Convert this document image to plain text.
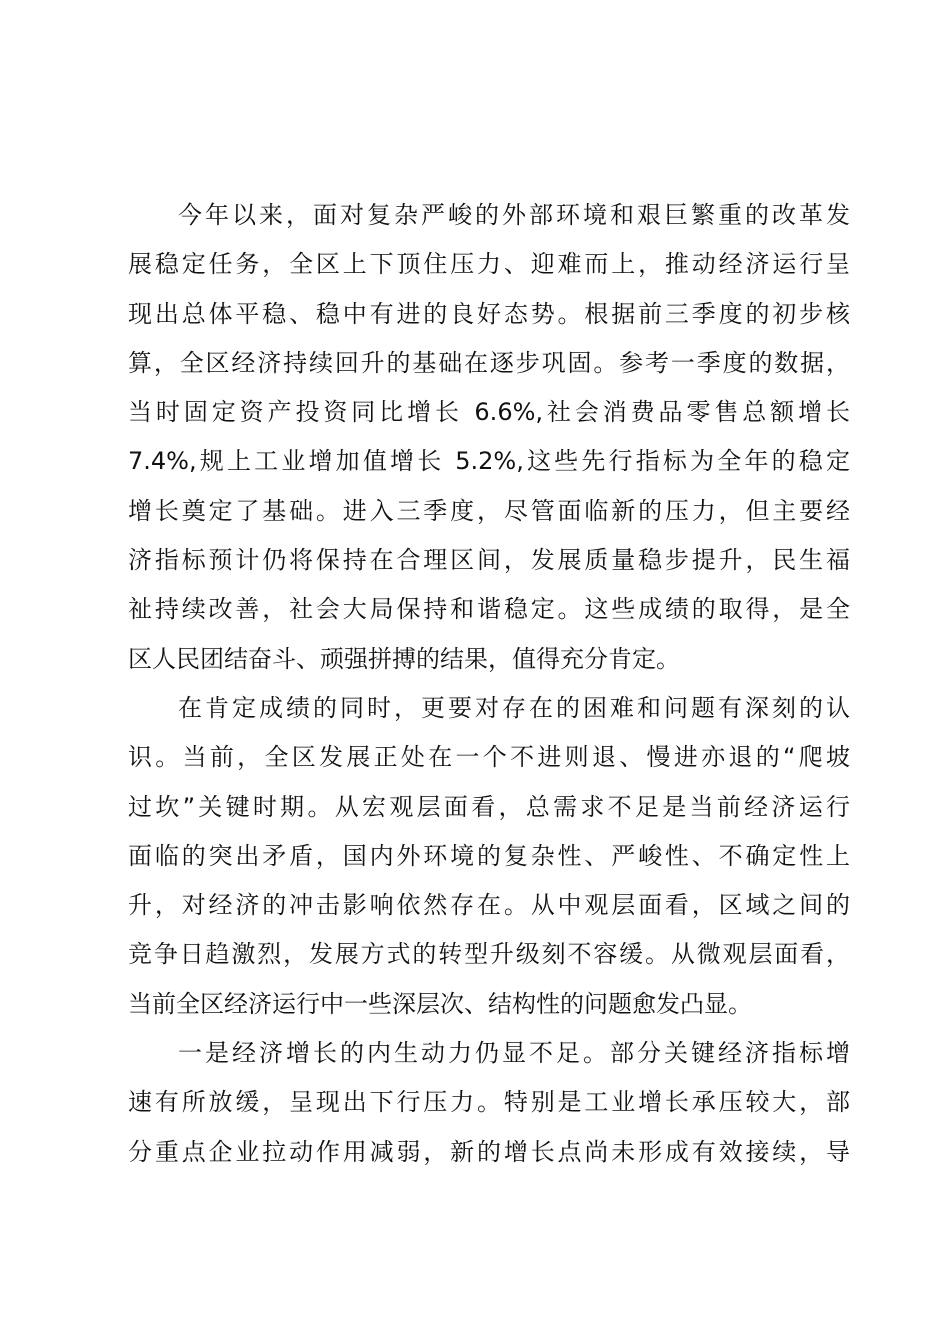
今年以来，面对复杂严峻的外部环境和艰巨繁重的改革发
展稳定任务，全区上下顶住压力、迎难而上，推动经济运行呈
现出总体平稳、稳中有进的良好态势。根据前三季度的初步核
算，全区经济持续回升的基础在逐步巩固。参考一季度的数据，
当时固定资产投资同比增长 6.6%,社会消费品零售总额增长
7.4%,规上工业增加值增长 5.2%,这些先行指标为全年的稳定
增长奠定了基础。进入三季度，尽管面临新的压力，但主要经
济指标预计仍将保持在合理区间，发展质量稳步提升，民生福
祉持续改善，社会大局保持和谐稳定。这些成绩的取得，是全
区人民团结奋斗、顽强拼搏的结果，值得充分肯定。
在肯定成绩的同时，更要对存在的困难和问题有深刻的认
识。当前，全区发展正处在一个不进则退、慢进亦退的“爬坡
过坎”关键时期。从宏观层面看，总需求不足是当前经济运行
面临的突出矛盾，国内外环境的复杂性、严峻性、不确定性上
升，对经济的冲击影响依然存在。从中观层面看，区域之间的
竞争日趋激烈，发展方式的转型升级刻不容缓。从微观层面看，
当前全区经济运行中一些深层次、结构性的问题愈发凸显。
一是经济增长的内生动力仍显不足。部分关键经济指标增
速有所放缓，呈现出下行压力。特别是工业增长承压较大，部
分重点企业拉动作用减弱，新的增长点尚未形成有效接续，导
